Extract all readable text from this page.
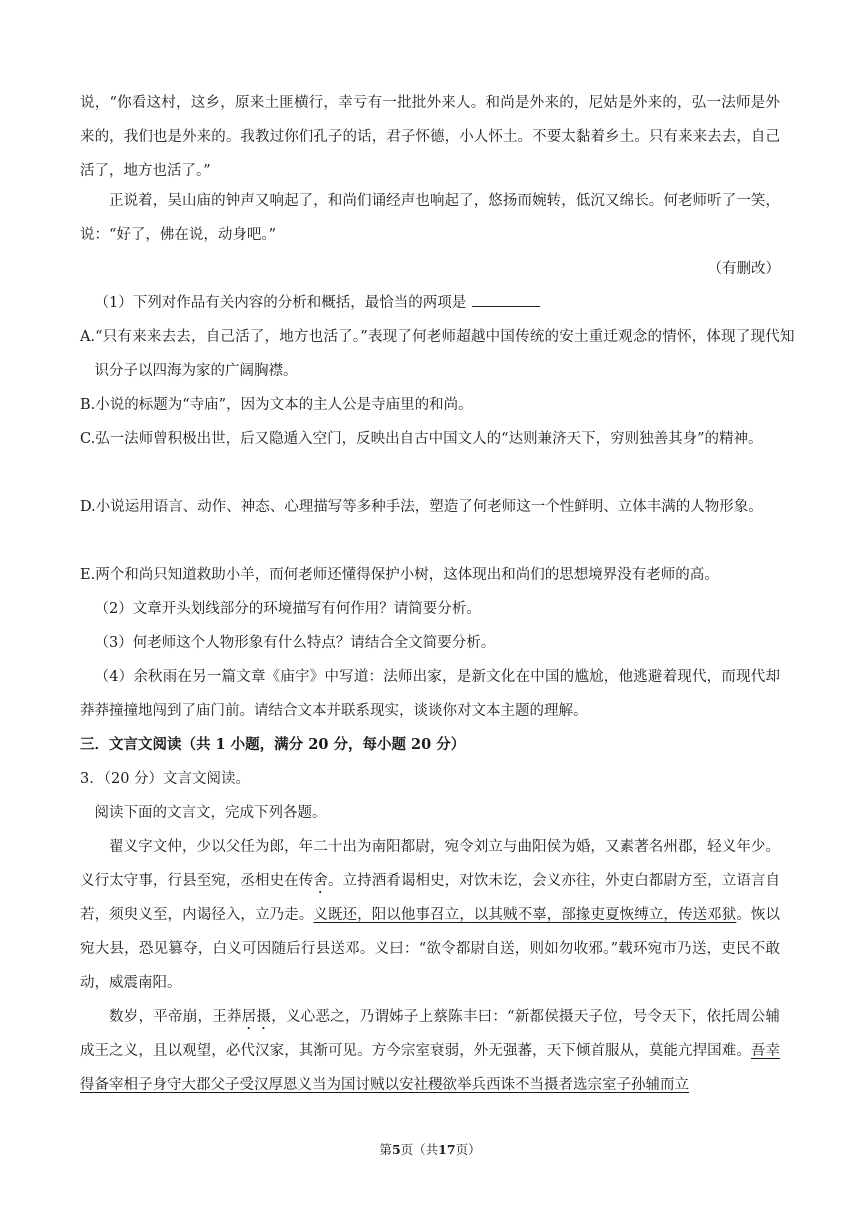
说，“你看这村，这乡，原来土匪横行，幸亏有一批批外来人。和尚是外来的，尼姑是外来的，弘一法师是外来的，我们也是外来的。我教过你们孔子的话，君子怀德，小人怀土。不要太黏着乡土。只有来来去去，自己活了，地方也活了。”
正说着，吴山庙的钟声又响起了，和尚们诵经声也响起了，悠扬而婉转，低沉又绵长。何老师听了一笑，说：“好了，佛在说，动身吧。”
（有删改）
（1）下列对作品有关内容的分析和概括，最恰当的两项是
A.“只有来来去去，自己活了，地方也活了。”表现了何老师超越中国传统的安土重迁观念的情怀，体现了现代知识分子以四海为家的广阔胸襟。
B.小说的标题为“寺庙”，因为文本的主人公是寺庙里的和尚。
C.弘一法师曾积极出世，后又隐遁入空门，反映出自古中国文人的“达则兼济天下，穷则独善其身”的精神。
D.小说运用语言、动作、神态、心理描写等多种手法，塑造了何老师这一个性鲜明、立体丰满的人物形象。
E.两个和尚只知道救助小羊，而何老师还懂得保护小树，这体现出和尚们的思想境界没有老师的高。
（2）文章开头划线部分的环境描写有何作用？请简要分析。
（3）何老师这个人物形象有什么特点？请结合全文简要分析。
（4）余秋雨在另一篇文章《庙宇》中写道：法师出家，是新文化在中国的尴尬，他逃避着现代，而现代却莽莽撞撞地闯到了庙门前。请结合文本并联系现实，谈谈你对文本主题的理解。
三．文言文阅读（共 1 小题，满分 20 分，每小题 20 分）
3．（20 分）文言文阅读。
阅读下面的文言文，完成下列各题。
翟义字文仲，少以父任为郎，年二十出为南阳都尉，宛令刘立与曲阳侯为婚，又素著名州郡，轻义年少。义行太守事，行县至宛，丞相史在传舍。立持酒肴谒相史，对饮未讫，会义亦往，外吏白都尉方至，立语言自若，须臾义至，内谒径入，立乃走。义既还，阳以他事召立，以其贼不辜，部掾吏夏恢缚立，传送邓狱。恢以宛大县，恐见篡夺，白义可因随后行县送邓。义曰：“欲令都尉自送，则如勿收邪。”载环宛市乃送，吏民不敢动，威震南阳。
数岁，平帝崩，王莽居摄，义心恶之，乃谓姊子上蔡陈丰曰：“新都侯摄天子位，号令天下，依托周公辅成王之义，且以观望，必代汉家，其渐可见。方今宗室衰弱，外无强蕃，天下倾首服从，莫能亢捍国难。吾幸得备宰相子身守大郡父子受汉厚恩义当为国讨贼以安社稷欲举兵西诛不当摄者选宗室子孙辅而立
第5页（共17页）
